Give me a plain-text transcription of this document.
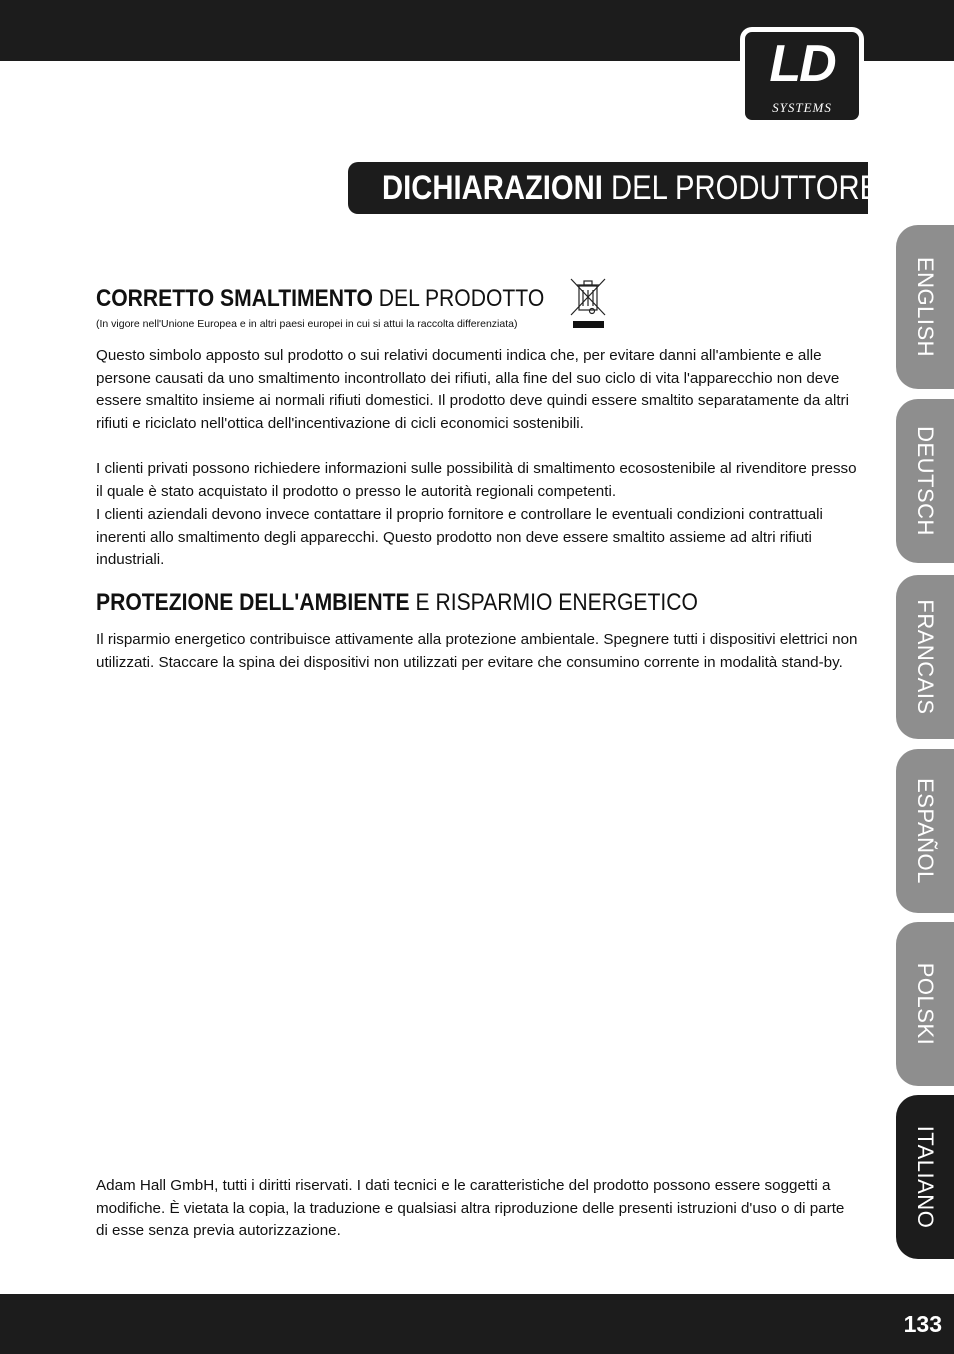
LD
SYSTEMS
DICHIARAZIONI DEL PRODUTTORE:
ENGLISH
DEUTSCH
FRANCAIS
ESPAÑOL
POLSKI
ITALIANO
CORRETTO SMALTIMENTO DEL PRODOTTO
(In vigore nell'Unione Europea e in altri paesi europei in cui si attui la raccolta differenziata)
Questo simbolo apposto sul prodotto o sui relativi documenti indica che, per evitare danni all'ambiente e alle persone causati da uno smaltimento incontrollato dei rifiuti, alla fine del suo ciclo di vita l'apparecchio non deve essere smaltito insieme ai normali rifiuti domestici. Il prodotto deve quindi essere smaltito separatamente da altri rifiuti e riciclato nell'ottica dell'incentivazione di cicli economici sostenibili.
I clienti privati possono richiedere informazioni sulle possibilità di smaltimento ecosostenibile al rivenditore presso il quale è stato acquistato il prodotto o presso le autorità regionali competenti.
I clienti aziendali devono invece contattare il proprio fornitore e controllare le eventuali condizioni contrattuali inerenti allo smaltimento degli apparecchi. Questo prodotto non deve essere smaltito assieme ad altri rifiuti industriali.
PROTEZIONE DELL'AMBIENTE E RISPARMIO ENERGETICO
Il risparmio energetico contribuisce attivamente alla protezione ambientale. Spegnere tutti i dispositivi elettrici non utilizzati. Staccare la spina dei dispositivi non utilizzati per evitare che consumino corrente in modalità stand-by.
Adam Hall GmbH, tutti i diritti riservati. I dati tecnici e le caratteristiche del prodotto possono essere soggetti a modifiche. È vietata la copia, la traduzione e qualsiasi altra riproduzione delle presenti istruzioni d'uso o di parte di esse senza previa autorizzazione.
133
